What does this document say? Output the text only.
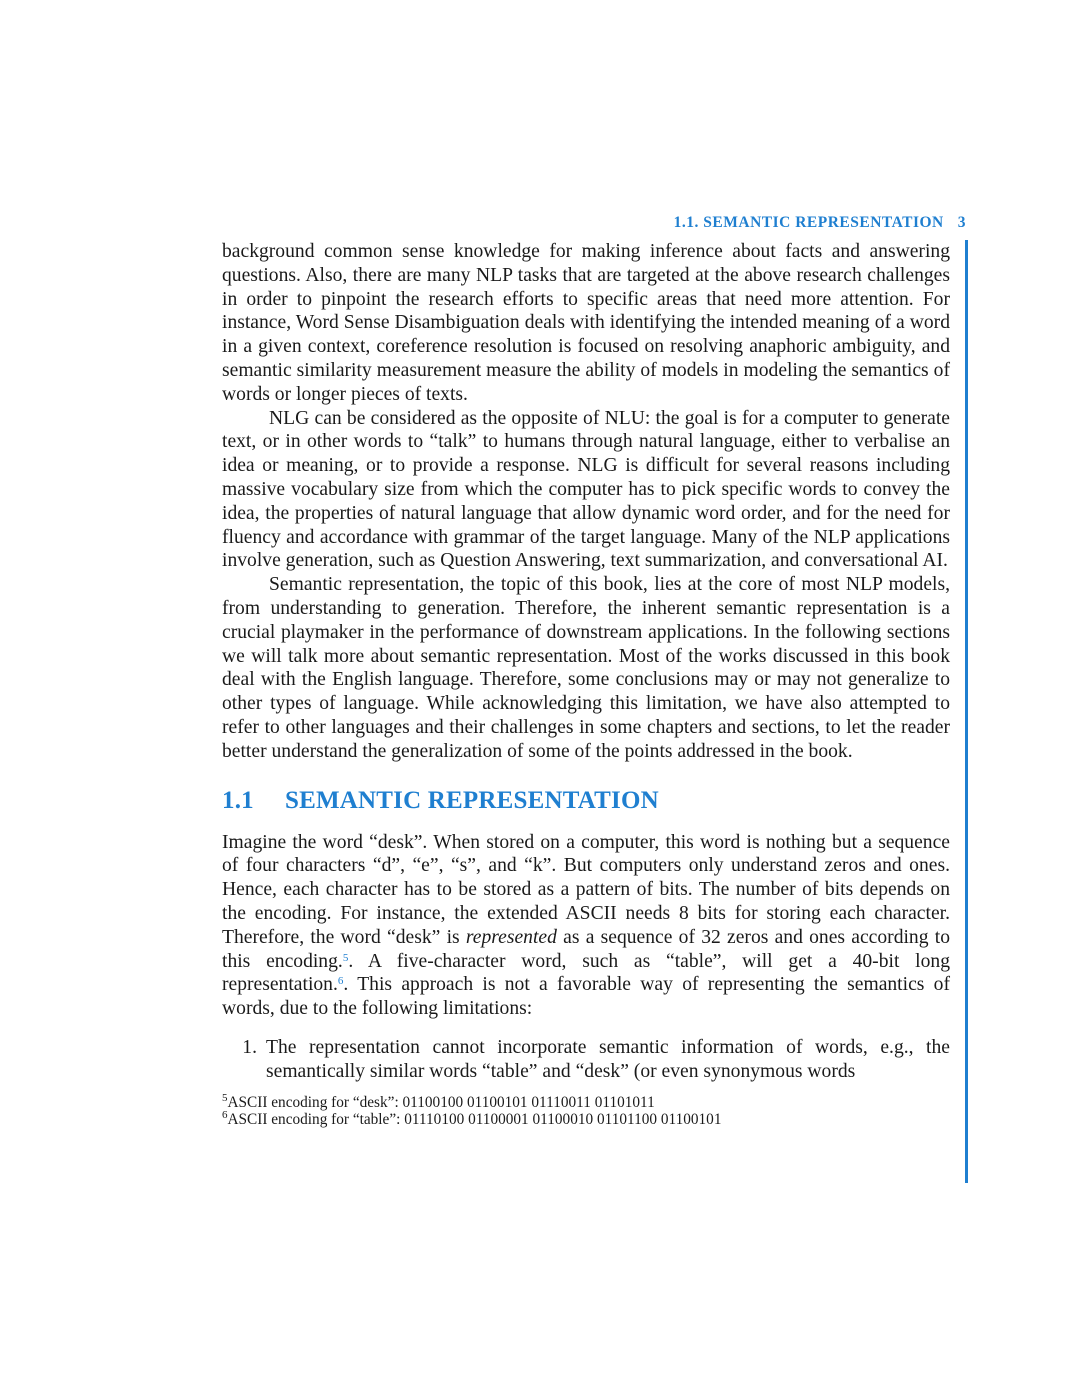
1.1. SEMANTIC REPRESENTATION 3

background common sense knowledge for making inference about facts and answering questions. Also, there are many NLP tasks that are targeted at the above research challenges in order to pinpoint the research efforts to specific areas that need more attention. For instance, Word Sense Disambiguation deals with identifying the intended meaning of a word in a given context, coreference resolution is focused on resolving anaphoric ambiguity, and semantic similarity measurement measure the ability of models in modeling the semantics of words or longer pieces of texts.

NLG can be considered as the opposite of NLU: the goal is for a computer to generate text, or in other words to “talk” to humans through natural language, either to verbalise an idea or meaning, or to provide a response. NLG is difficult for several reasons including massive vocabulary size from which the computer has to pick specific words to convey the idea, the properties of natural language that allow dynamic word order, and for the need for fluency and accordance with grammar of the target language. Many of the NLP applications involve generation, such as Question Answering, text summarization, and conversational AI.

Semantic representation, the topic of this book, lies at the core of most NLP models, from understanding to generation. Therefore, the inherent semantic representation is a crucial playmaker in the performance of downstream applications. In the following sections we will talk more about semantic representation. Most of the works discussed in this book deal with the English language. Therefore, some conclusions may or may not generalize to other types of language. While acknowledging this limitation, we have also attempted to refer to other languages and their challenges in some chapters and sections, to let the reader better understand the generalization of some of the points addressed in the book.

1.1 SEMANTIC REPRESENTATION

Imagine the word “desk”. When stored on a computer, this word is nothing but a sequence of four characters “d”, “e”, “s”, and “k”. But computers only understand zeros and ones. Hence, each character has to be stored as a pattern of bits. The number of bits depends on the encoding. For instance, the extended ASCII needs 8 bits for storing each character. Therefore, the word “desk” is represented as a sequence of 32 zeros and ones according to this encoding.$^5$. A five-character word, such as “table”, will get a 40-bit long representation.$^6$. This approach is not a favorable way of representing the semantics of words, due to the following limitations:

1. The representation cannot incorporate semantic information of words, e.g., the semantically similar words “table” and “desk” (or even synonymous words
$^5$ASCII encoding for “desk”: 01100100 01100101 01110011 01101011
$^6$ASCII encoding for “table”: 01110100 01100001 01100010 01101100 01100101
